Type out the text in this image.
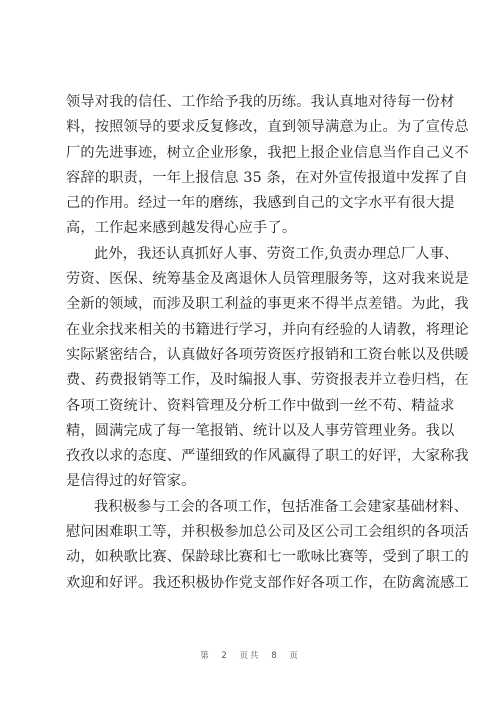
领导对我的信任、工作给予我的历练。我认真地对待每一份材
料，按照领导的要求反复修改，直到领导满意为止。为了宣传总
厂的先进事迹，树立企业形象，我把上报企业信息当作自己义不
容辞的职责，一年上报信息 35 条，在对外宣传报道中发挥了自
己的作用。经过一年的磨练，我感到自己的文字水平有很大提
高，工作起来感到越发得心应手了。
此外，我还认真抓好人事、劳资工作,负责办理总厂人事、
劳资、医保、统筹基金及离退休人员管理服务等，这对我来说是
全新的领域，而涉及职工利益的事更来不得半点差错。为此，我
在业余找来相关的书籍进行学习，并向有经验的人请教，将理论
实际紧密结合，认真做好各项劳资医疗报销和工资台帐以及供暖
费、药费报销等工作，及时编报人事、劳资报表并立卷归档，在
各项工资统计、资料管理及分析工作中做到一丝不苟、精益求
精，圆满完成了每一笔报销、统计以及人事劳管理业务。我以
孜孜以求的态度、严谨细致的作风赢得了职工的好评，大家称我
是信得过的好管家。
我积极参与工会的各项工作，包括准备工会建家基础材料、
慰问困难职工等，并积极参加总公司及区公司工会组织的各项活
动，如秧歌比赛、保龄球比赛和七一歌咏比赛等，受到了职工的
欢迎和好评。我还积极协作党支部作好各项工作，在防禽流感工
第 2 页共 8 页
